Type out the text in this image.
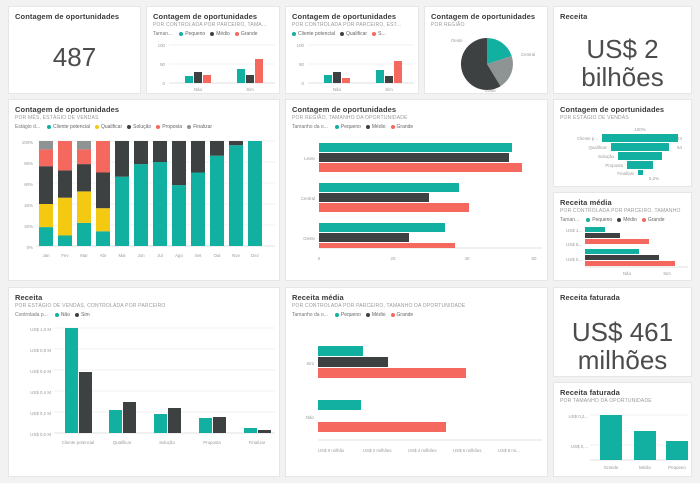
Contagem de oportunidades
487
Contagem de oportunidades
POR CONTROLADA POR PARCEIRO, TAMA...
Taman...	Pequeno Médio Grande
100
50
0
Não	Sim
Contagem de oportunidades
POR CONTROLADA POR PARCEIRO, EST...
Cliente potencial Qualificar S...
100
50
0
Não	Sim
Contagem de oportunidades
POR REGIÃO
Oeste
Central
Leste
Receita
US$ 2 bilhões
Contagem de oportunidades
POR MÊS, ESTÁGIO DE VENDAS
Estágio d...	Cliente potencial Qualificar Solução Proposta Finalizar
100%
80%
60%
40%
20%
0%
Jan	Fev	Mar	Abr	Mai	Jun	Jul	Ago	Set	Out	Nov	Dez
Contagem de oportunidades
POR REGIÃO, TAMANHO DA OPORTUNIDADE
Tamanho da o...	Pequeno Médio Grande
Leste
Central
Oeste
0	20	40	60
Contagem de oportunidades
POR ESTÁGIO DE VENDAS
100%
Cliente p...
Qualificar
Solução
Proposta
Finalizar
74
54
5,2%
Receita média
POR CONTROLADA POR PARCEIRO, TAMANHO
Taman...	Pequeno Médio Grande
US$ 1...
US$ 5...
US$ 0...
Não	Sim
Receita
POR ESTÁGIO DE VENDAS, CONTROLADA POR PARCEIRO
Controlada p...	Não Sim
US$ 1,0 M
US$ 0,8 M
US$ 0,6 M
US$ 0,4 M
US$ 0,2 M
US$ 0,0 M
Cliente potencial	Qualificar	Solução	Proposta	Finalizar
Receita média
POR CONTROLADA POR PARCEIRO, TAMANHO DA OPORTUNIDADE
Tamanho da o...	Pequeno Médio Grande
Sim
Não
US$ 0 milhão	US$ 2 milhões	US$ 4 milhões	US$ 6 milhões	US$ 8 mi...
Receita faturada
US$ 461 milhões
Receita faturada
POR TAMANHO DA OPORTUNIDADE
US$ 0,2...
US$ 0,...
Grande	Médio	Pequeno
